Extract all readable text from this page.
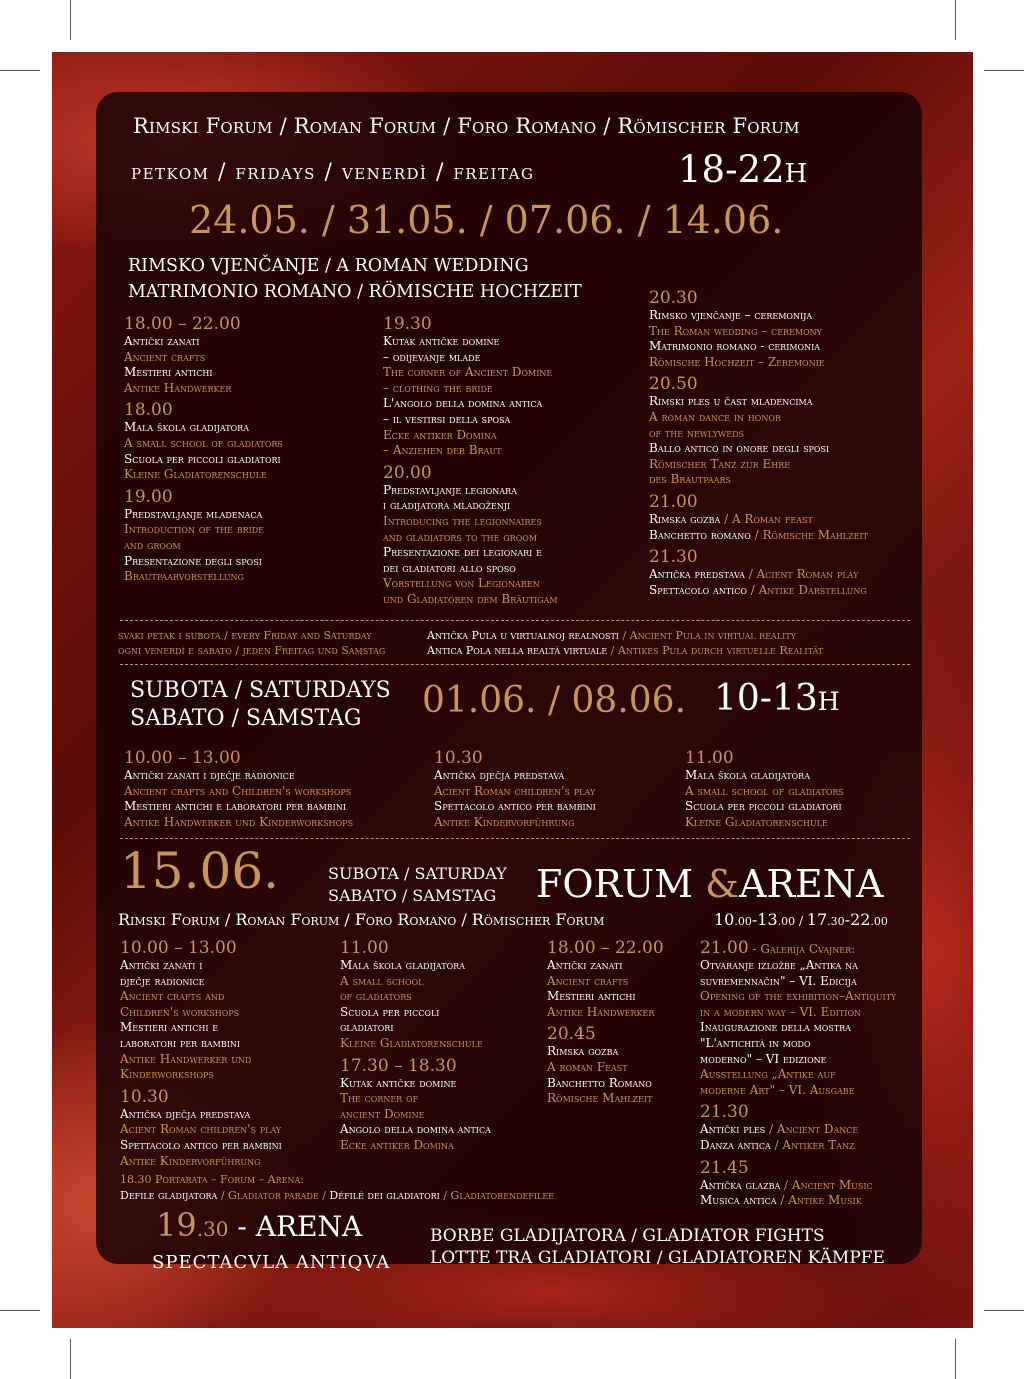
Rimski Forum / Roman Forum / Foro Romano / Römischer Forum
petkom / fridays / venerdì / freitag	18-22h
24.05. / 31.05. / 07.06. / 14.06.
RIMSKO VJENČANJE / A ROMAN WEDDING
MATRIMONIO ROMANO / RÖMISCHE HOCHZEIT
18.00 – 22.00
Antički zanati
Ancient crafts
Mestieri antichi
Antike Handwerker
18.00
Mala škola gladijatora
A small school of gladiators
Scuola per piccoli gladiatori
Kleine Gladiatorenschule
19.00
Predstavljanje mladenaca
Introduction of the bride
and groom
Presentazione degli sposi
Brautpaarvorstellung
19.30
Kutak antičke domine
– odijevanje mlade
The corner of Ancient Domine
– clothing the bride
L'angolo della domina antica
– il vestirsi della sposa
Ecke antiker Domina
– Anziehen der Braut
20.00
Predstavljanje legionara
i gladijatora mladoženji
Introducing the legionnaires
and gladiators to the groom
Presentazione dei legionari e
dei gladiatori allo sposo
Vorstellung von Legionaren
und Gladiatoren dem Bräutigam
20.30
Rimsko vjenčanje – ceremonija
The Roman wedding – ceremony
Matrimonio romano - cerimonia
Römische Hochzeit – Zeremonie
20.50
Rimski ples u čast mladencima
A roman dance in honor
of the newlyweds
Ballo antico in onore degli sposi
Römischer Tanz zur Ehre
des Brautpaars
21.00
Rimska gozba / A Roman feast
Banchetto romano / Römische Mahlzeit
21.30
Antička predstava / Acient Roman play
Spettacolo antico / Antike Darstellung
svaki petak i subota / every Friday and Saturday
ogni venerdì e sabato / jeden Freitag und Samstag
Antička Pula u virtualnoj realnosti / Ancient Pula in virtual reality
Antica Pola nella realtà virtuale / Antikes Pula durch virtuelle Realität
SUBOTA / SATURDAYS
SABATO / SAMSTAG 01.06. / 08.06. 10-13h
10.00 – 13.00
Antički zanati i dječje radionice
Ancient crafts and Children's workshops
Mestieri antichi e laboratori per bambini
Antike Handwerker und Kinderworkshops
10.30
Antička dječja predstava
Acient Roman children's play
Spettacolo antico per bambini
Antike Kindervorführung
11.00
Mala škola gladijatora
A small school of gladiators
Scuola per piccoli gladiatori
Kleine Gladiatorenschule
15.06.	SUBOTA / SATURDAY
SABATO / SAMSTAG FORUM &ARENA
Rimski Forum / Roman Forum / Foro Romano / Römischer Forum	10.00-13.00 / 17.30-22.00
10.00 – 13.00
Antički zanati i
dječje radionice
Ancient crafts and
Children's workshops
Mestieri antichi e
laboratori per bambini
Antike Handwerker und
Kinderworkshops
10.30
Antička dječja predstava
Acient Roman children's play
Spettacolo antico per bambini
Antike Kindervorführung
11.00
Mala škola gladijatora
A small school
of gladiators
Scuola per piccoli
gladiatori
Kleine Gladiatorenschule
17.30 – 18.30
Kutak antičke domine
The corner of
ancient Domine
Angolo della domina antica
Ecke antiker Domina
18.00 – 22.00
Antički zanati
Ancient crafts
Mestieri antichi
Antike Handwerker
20.45
Rimska gozba
A roman Feast
Banchetto Romano
Römische Mahlzeit
21.00 - Galerija Cvajner:
Otvaranje izložbe „Antika na
suvremennačin" – VI. Edicija
Opening of the exhibition–Antiquity
in a modern way – VI. Edition
Inaugurazione della mostra
"L'antichità in modo
moderno" – VI edizione
Ausstellung „Antike auf
moderne Art" – VI. Ausgabe
21.30
Antički ples / Ancient Dance
Danza antica / Antiker Tanz
21.45
Antička glazba / Ancient Music
Musica antica / Antike Musik
18.30 Portarata – Forum – Arena:
Defile gladijatora / Gladiator parade / Défilé dei gladiatori / Gladiatorendefilee
19.30 - ARENA
SPECTACVLA ANTIQVA
BORBE GLADIJATORA / GLADIATOR FIGHTS
LOTTE TRA GLADIATORI / GLADIATOREN KÄMPFE
